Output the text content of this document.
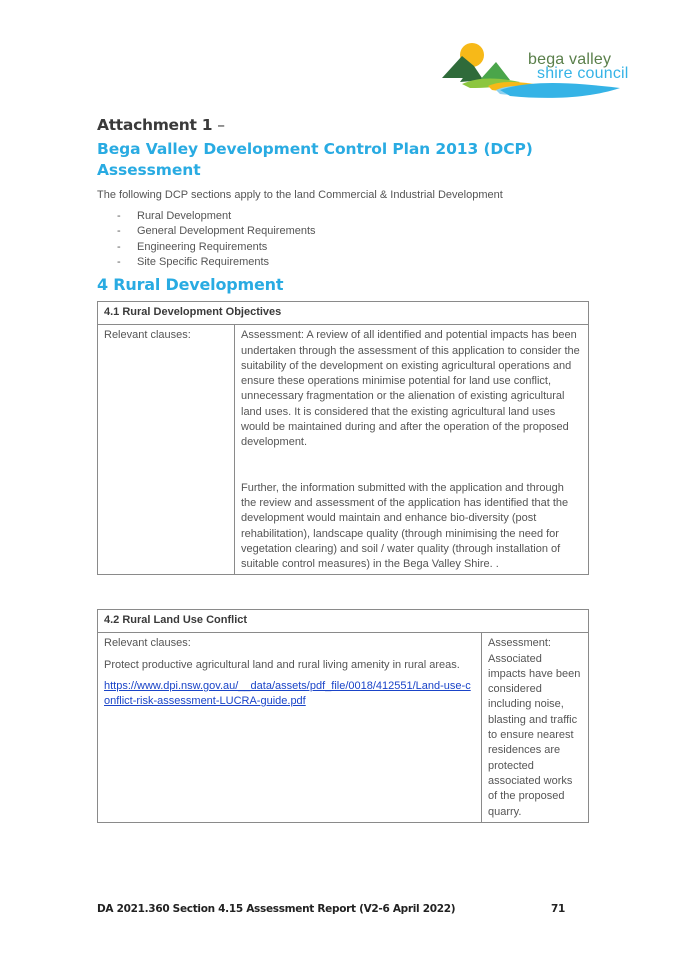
bega valley
shire council
Attachment 1 –
Bega Valley Development Control Plan 2013 (DCP) Assessment
The following DCP sections apply to the land Commercial & Industrial Development
- Rural Development
- General Development Requirements
- Engineering Requirements
- Site Specific Requirements
4 Rural Development
4.1 Rural Development Objectives
Relevant clauses:	Assessment: A review of all identified and potential impacts has been undertaken through the assessment of this application to consider the suitability of the development on existing agricultural operations and ensure these operations minimise potential for land use conflict, unnecessary fragmentation or the alienation of existing agricultural land uses. It is considered that the existing agricultural land uses would be maintained during and after the operation of the proposed development.
Further, the information submitted with the application and through the review and assessment of the application has identified that the development would maintain and enhance bio-diversity (post rehabilitation), landscape quality (through minimising the need for vegetation clearing) and soil / water quality (through installation of suitable control measures) in the Bega Valley Shire. .
4.2 Rural Land Use Conflict

Relevant clauses:

Protect productive agricultural land and rural living amenity in rural areas.

https://www.dpi.nsw.gov.au/__data/assets/pdf_file/0018/412551/Land-use-conflict-risk-assessment-LUCRA-guide.pdf	Assessment: Associated impacts have been considered including noise, blasting and traffic to ensure nearest residences are protected associated works of the proposed quarry.
DA 2021.360 Section 4.15 Assessment Report (V2-6 April 2022)	71
